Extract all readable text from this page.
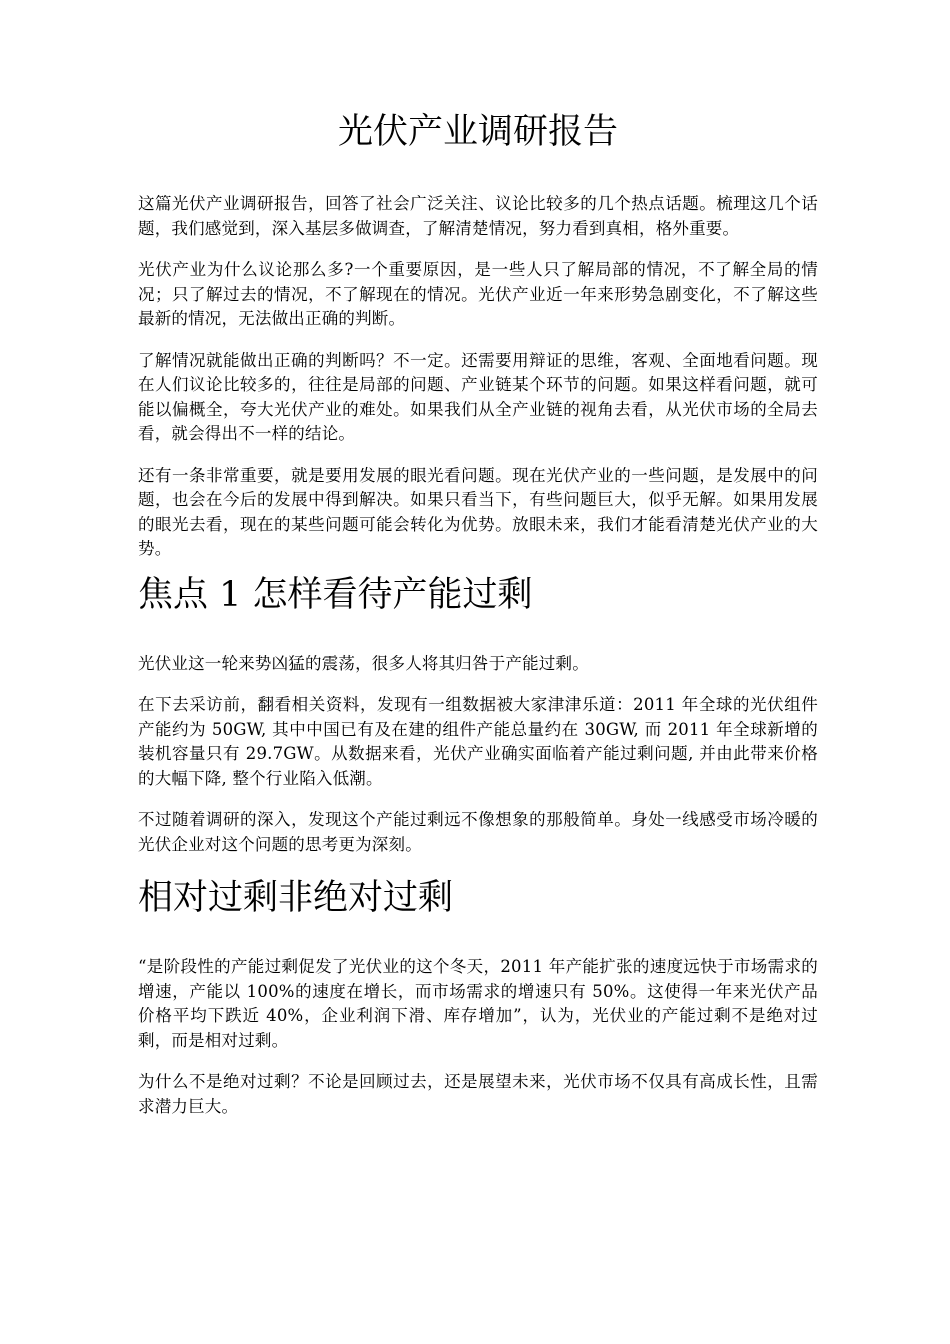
光伏产业调研报告

这篇光伏产业调研报告，回答了社会广泛关注、议论比较多的几个热点话题。梳理这几个话题，我们感觉到，深入基层多做调查，了解清楚情况，努力看到真相，格外重要。

光伏产业为什么议论那么多?一个重要原因，是一些人只了解局部的情况，不了解全局的情况；只了解过去的情况，不了解现在的情况。光伏产业近一年来形势急剧变化，不了解这些最新的情况，无法做出正确的判断。

了解情况就能做出正确的判断吗？不一定。还需要用辩证的思维，客观、全面地看问题。现在人们议论比较多的，往往是局部的问题、产业链某个环节的问题。如果这样看问题，就可能以偏概全，夸大光伏产业的难处。如果我们从全产业链的视角去看，从光伏市场的全局去看，就会得出不一样的结论。

还有一条非常重要，就是要用发展的眼光看问题。现在光伏产业的一些问题，是发展中的问题，也会在今后的发展中得到解决。如果只看当下，有些问题巨大，似乎无解。如果用发展的眼光去看，现在的某些问题可能会转化为优势。放眼未来，我们才能看清楚光伏产业的大势。

焦点 1 怎样看待产能过剩

光伏业这一轮来势凶猛的震荡，很多人将其归咎于产能过剩。

在下去采访前，翻看相关资料，发现有一组数据被大家津津乐道：2011 年全球的光伏组件产能约为 50GW, 其中中国已有及在建的组件产能总量约在 30GW, 而 2011 年全球新增的装机容量只有 29.7GW。从数据来看，光伏产业确实面临着产能过剩问题, 并由此带来价格的大幅下降, 整个行业陷入低潮。

不过随着调研的深入，发现这个产能过剩远不像想象的那般简单。身处一线感受市场冷暖的光伏企业对这个问题的思考更为深刻。

相对过剩非绝对过剩

“是阶段性的产能过剩促发了光伏业的这个冬天，2011 年产能扩张的速度远快于市场需求的增速，产能以 100%的速度在增长，而市场需求的增速只有 50%。这使得一年来光伏产品价格平均下跌近 40%，企业利润下滑、库存增加”，认为，光伏业的产能过剩不是绝对过剩，而是相对过剩。

为什么不是绝对过剩？不论是回顾过去，还是展望未来，光伏市场不仅具有高成长性，且需求潜力巨大。
